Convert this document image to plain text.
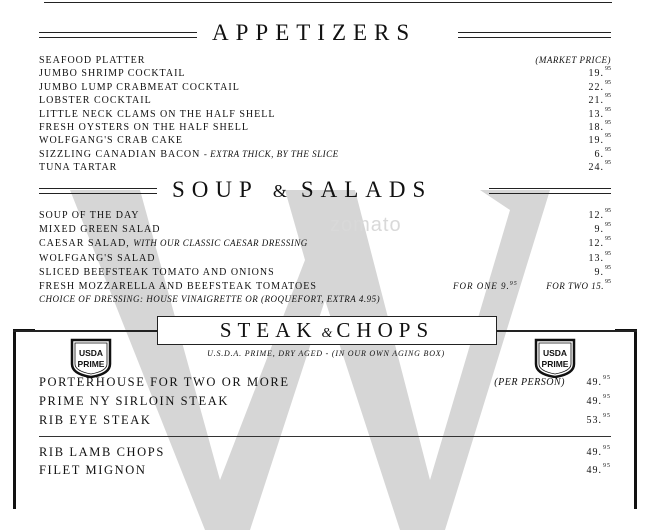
zomato
APPETIZERS
SEAFOOD PLATTER	(MARKET PRICE)
JUMBO SHRIMP COCKTAIL	19.95
JUMBO LUMP CRABMEAT COCKTAIL	22.95
LOBSTER COCKTAIL	21.95
LITTLE NECK CLAMS ON THE HALF SHELL	13.95
FRESH OYSTERS ON THE HALF SHELL	18.95
WOLFGANG'S CRAB CAKE	19.95
SIZZLING CANADIAN BACON - EXTRA THICK, BY THE SLICE	6.95
TUNA TARTAR	24.95
SOUP & SALADS
SOUP OF THE DAY	12.95
MIXED GREEN SALAD	9.95
CAESAR SALAD, WITH OUR CLASSIC CAESAR DRESSING	12.95
WOLFGANG'S SALAD	13.95
SLICED BEEFSTEAK TOMATO AND ONIONS	9.95
FRESH MOZZARELLA AND BEEFSTEAK TOMATOES	FOR ONE 9.95	FOR TWO 15.95
CHOICE OF DRESSING: HOUSE VINAIGRETTE OR (ROQUEFORT, EXTRA 4.95)
STEAK & CHOPS
U.S.D.A. PRIME, DRY AGED - (IN OUR OWN AGING BOX)
USDA
PRIME
USDA
PRIME
PORTERHOUSE FOR TWO OR MORE	(PER PERSON) 49.95
PRIME NY SIRLOIN STEAK	49.95
RIB EYE STEAK	53.95
RIB LAMB CHOPS	49.95
FILET MIGNON	49.95
